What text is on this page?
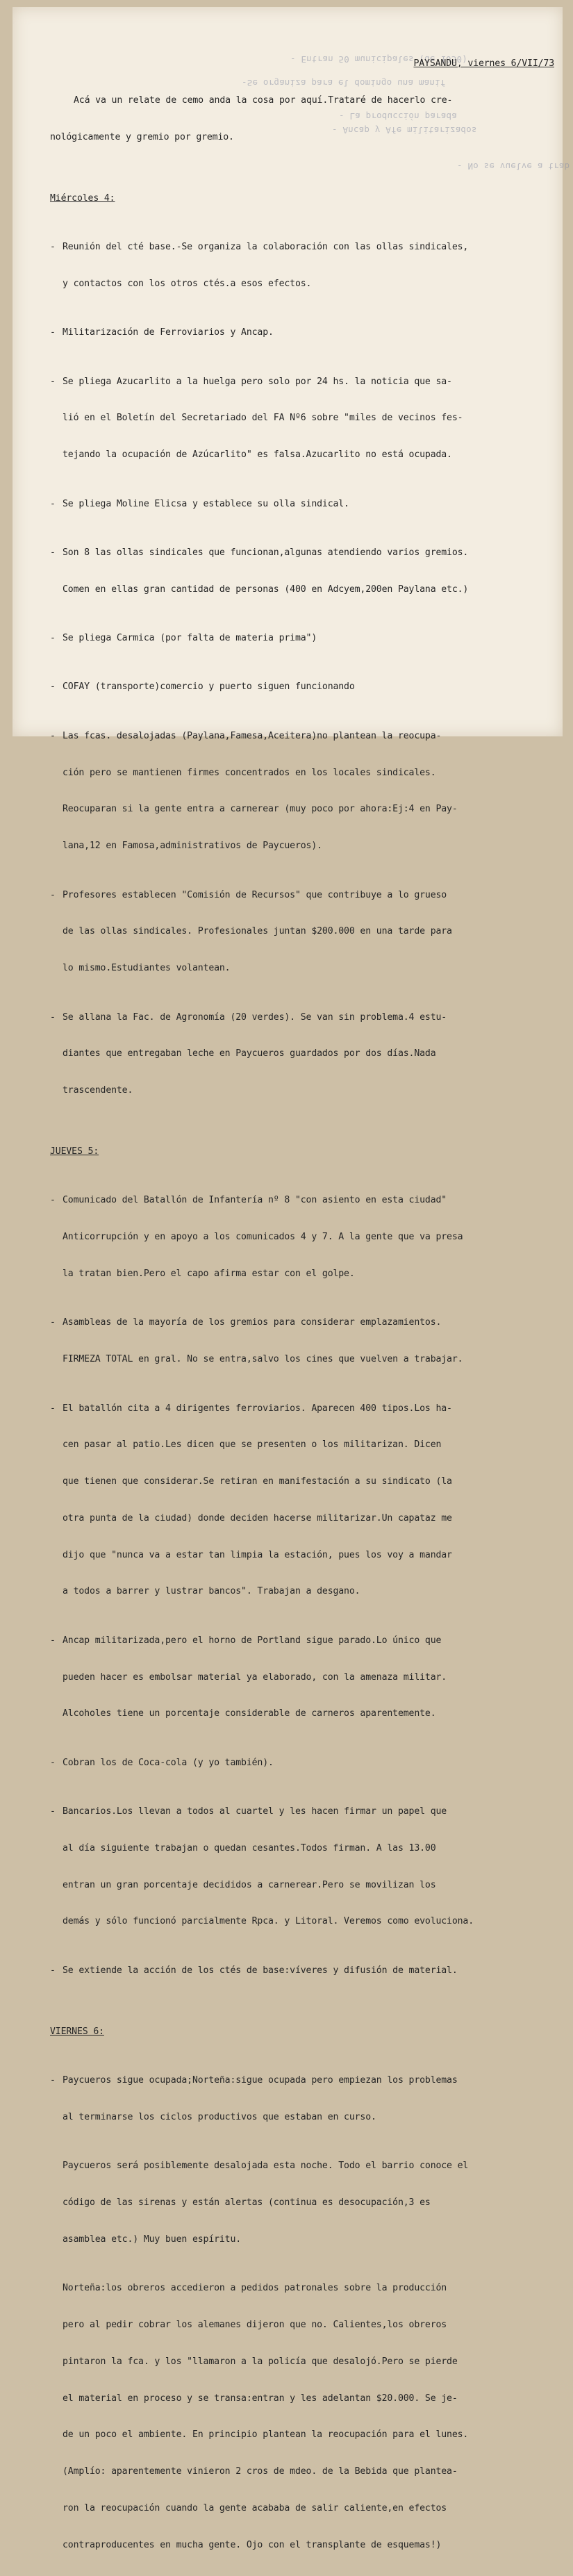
- Entran 50 municipales (de 1050)
-Se organiza para el domingo una manif
- La producción parada
- Ancap y Afe militarizados
- No se vuelve a trab

PAYSANDU, viernes 6/VII/73

Acá va un relate de cemo anda la cosa por aquí.Trataré de hacerlo cre-

nológicamente y gremio por gremio.

Miércoles 4:

- Reunión del cté base.-Se organiza la colaboración con las ollas sindicales,

y contactos con los otros ctés.a esos efectos.

- Militarización de Ferroviarios y Ancap.

- Se pliega Azucarlito a la huelga pero solo por 24 hs. la noticia que sa-

lió en el Boletín del Secretariado del FA Nº6 sobre "miles de vecinos fes-

tejando la ocupación de Azúcarlito" es falsa.Azucarlito no está ocupada.

- Se pliega Moline Elicsa y establece su olla sindical.

- Son 8 las ollas sindicales que funcionan,algunas atendiendo varios gremios.

Comen en ellas gran cantidad de personas (400 en Adcyem,200en Paylana etc.)

- Se pliega Carmica (por falta de materia prima")

- COFAY (transporte)comercio y puerto siguen funcionando

- Las fcas. desalojadas (Paylana,Famesa,Aceitera)no plantean la reocupa-

ción pero se mantienen firmes concentrados en los locales sindicales.

Reocuparan si la gente entra a carnerear (muy poco por ahora:Ej:4 en Pay-

lana,12 en Famosa,administrativos de Paycueros).

- Profesores establecen "Comisión de Recursos" que contribuye a lo grueso

de las ollas sindicales. Profesionales juntan $200.000 en una tarde para

lo mismo.Estudiantes volantean.

- Se allana la Fac. de Agronomía (20 verdes). Se van sin problema.4 estu-

diantes que entregaban leche en Paycueros guardados por dos días.Nada

trascendente.

JUEVES 5:

- Comunicado del Batallón de Infantería nº 8 "con asiento en esta ciudad"

Anticorrupción y en apoyo a los comunicados 4 y 7. A la gente que va presa

la tratan bien.Pero el capo afirma estar con el golpe.

- Asambleas de la mayoría de los gremios para considerar emplazamientos.

FIRMEZA TOTAL en gral. No se entra,salvo los cines que vuelven a trabajar.

- El batallón cita a 4 dirigentes ferroviarios. Aparecen 400 tipos.Los ha-

cen pasar al patio.Les dicen que se presenten o los militarizan. Dicen

que tienen que considerar.Se retiran en manifestación a su sindicato (la

otra punta de la ciudad) donde deciden hacerse militarizar.Un capataz me

dijo que "nunca va a estar tan limpia la estación, pues los voy a mandar

a todos a barrer y lustrar bancos". Trabajan a desgano.

- Ancap militarizada,pero el horno de Portland sigue parado.Lo único que

pueden hacer es embolsar material ya elaborado, con la amenaza militar.

Alcoholes tiene un porcentaje considerable de carneros aparentemente.

- Cobran los de Coca-cola (y yo también).

- Bancarios.Los llevan a todos al cuartel y les hacen firmar un papel que

al día siguiente trabajan o quedan cesantes.Todos firman. A las 13.00

entran un gran porcentaje decididos a carnerear.Pero se movilizan los

demás y sólo funcionó parcialmente Rpca. y Litoral. Veremos como evoluciona.

- Se extiende la acción de los ctés de base:víveres y difusión de material.

VIERNES 6:

- Paycueros sigue ocupada;Norteña:sigue ocupada pero empiezan los problemas

al terminarse los ciclos productivos que estaban en curso.

Paycueros será posiblemente desalojada esta noche. Todo el barrio conoce el

código de las sirenas y están alertas (continua es desocupación,3 es

asamblea etc.) Muy buen espíritu.

Norteña:los obreros accedieron a pedidos patronales sobre la producción

pero al pedir cobrar los alemanes dijeron que no. Calientes,los obreros

pintaron la fca. y los "llamaron a la policía que desalojó.Pero se pierde

el material en proceso y se transa:entran y les adelantan $20.000. Se je-

de un poco el ambiente. En principio plantean la reocupación para el lunes.

(Amplío: aparentemente vinieron 2 cros de mdeo. de la Bebida que plantea-

ron la reocupación cuando la gente acababa de salir caliente,en efectos

contraproducentes en mucha gente. Ojo con el transplante de esquemas!)
